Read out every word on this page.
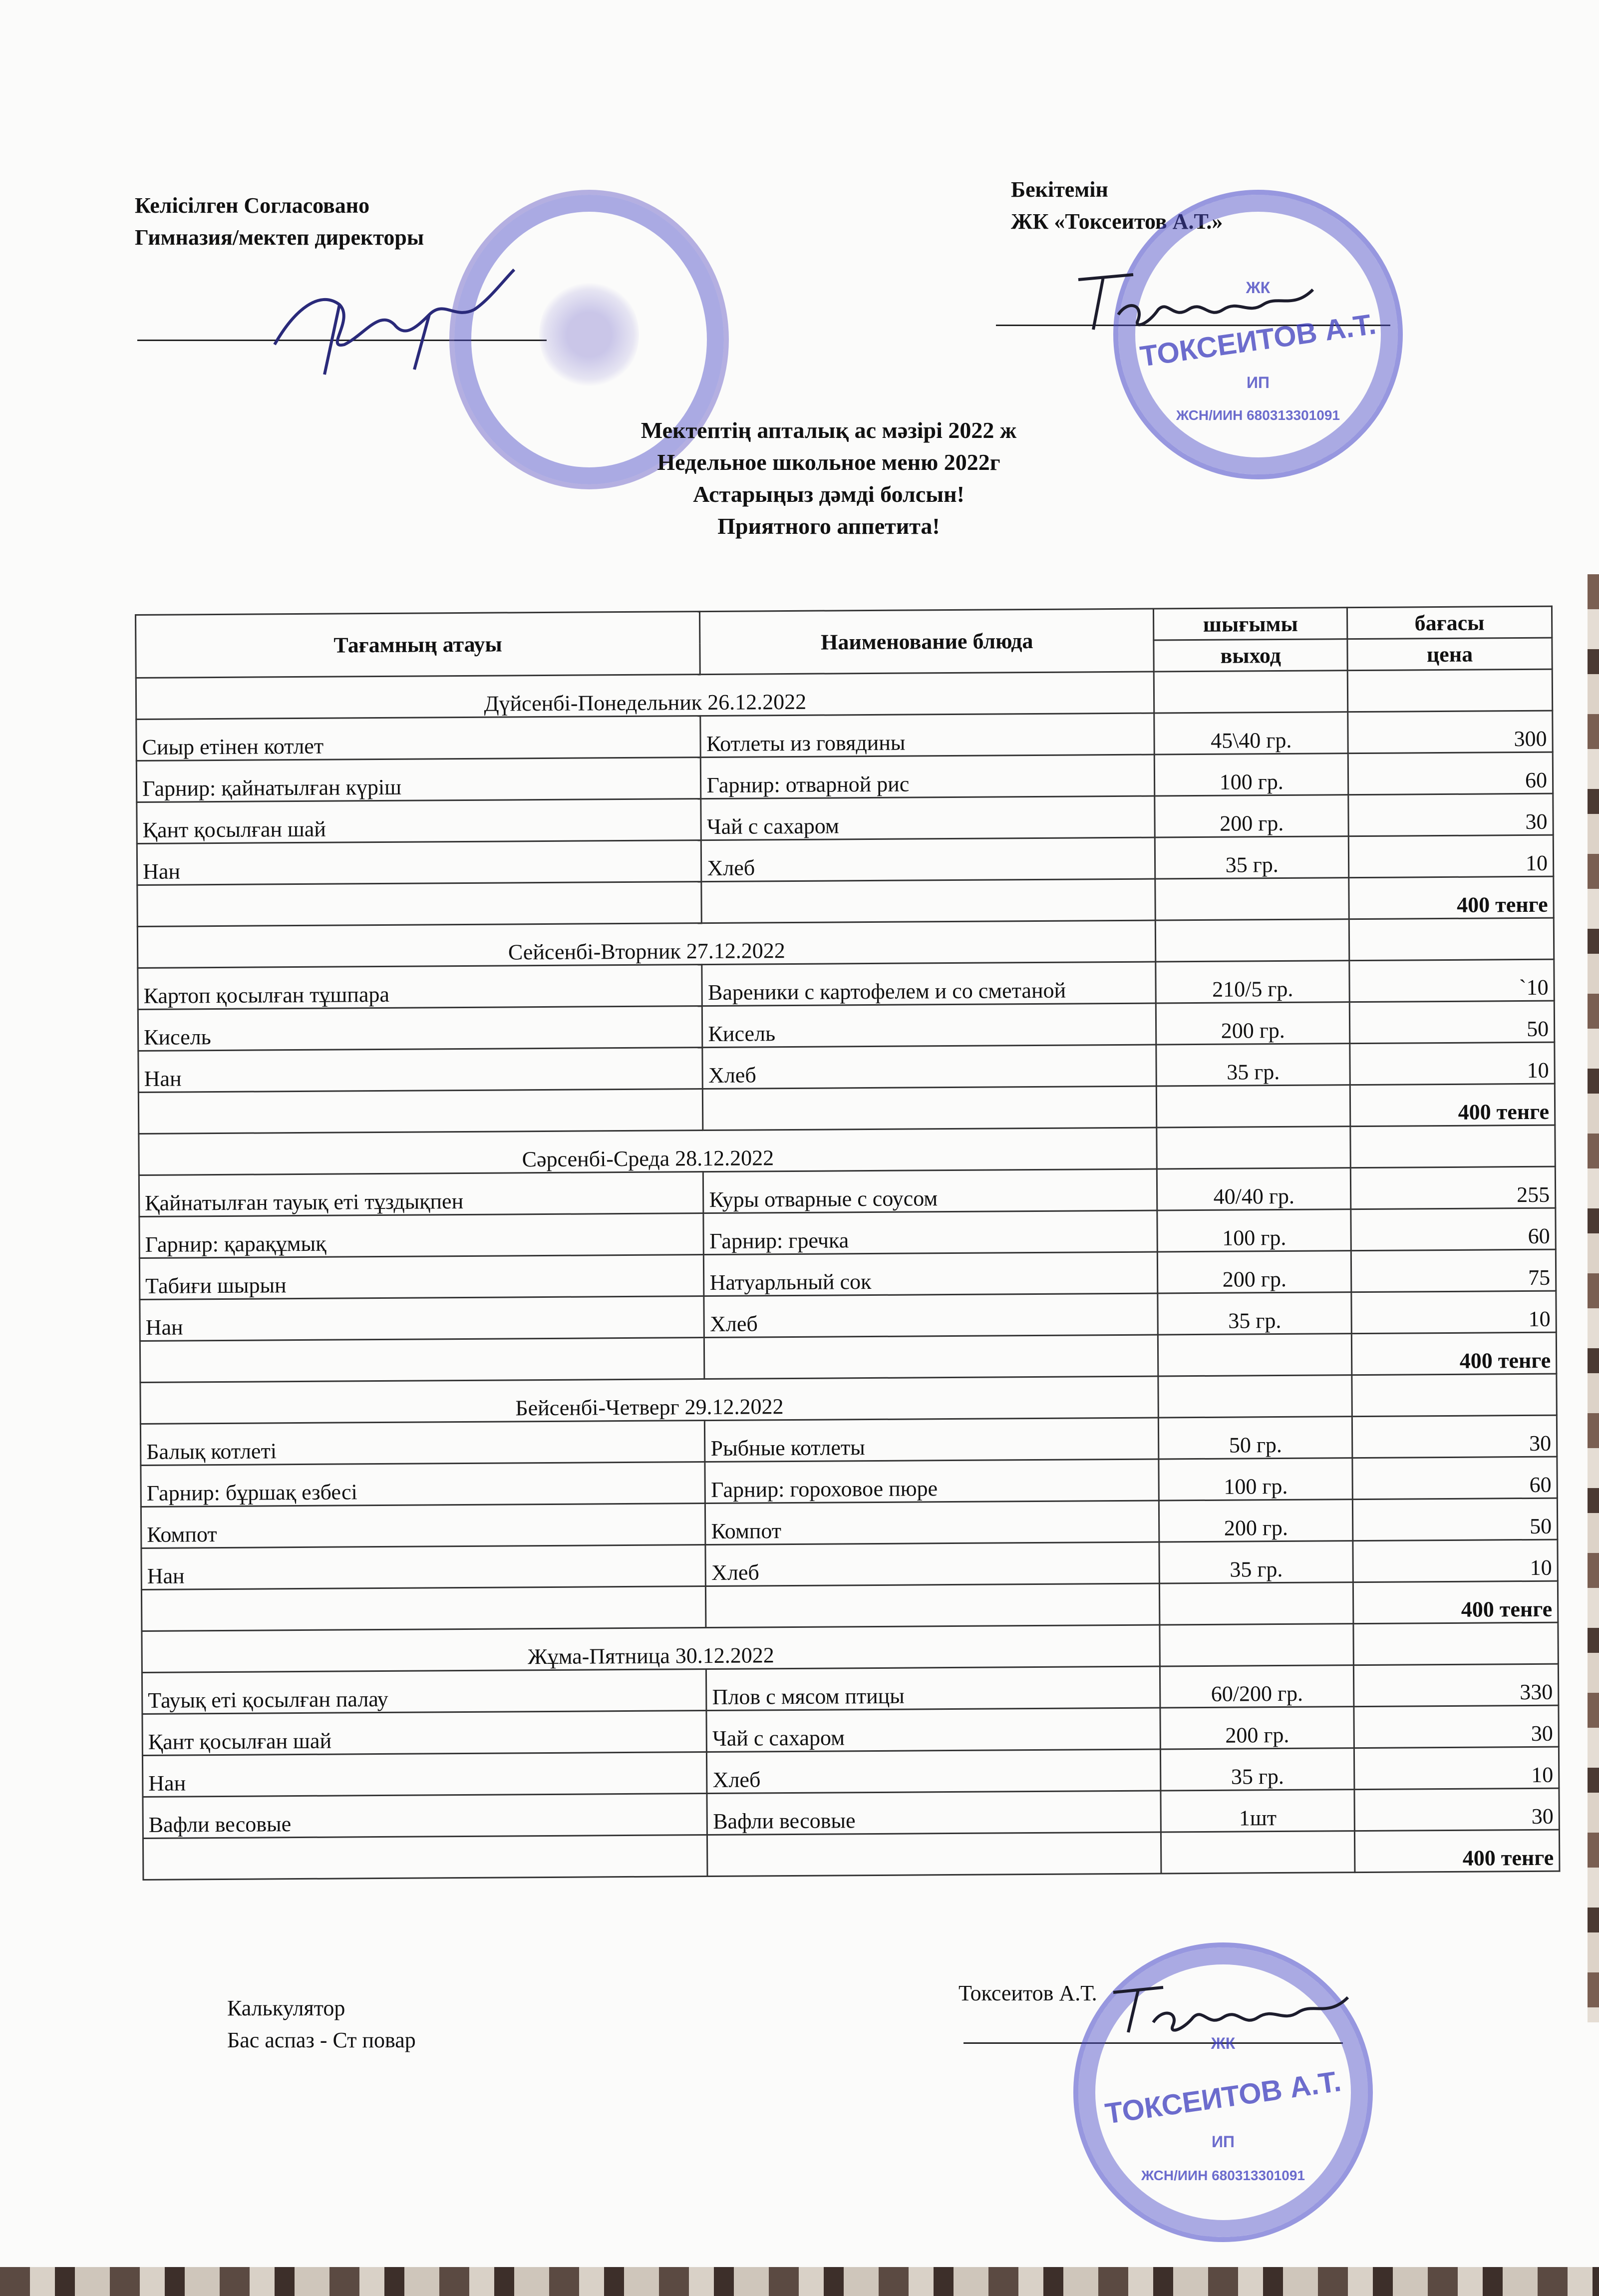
Келісілген Согласовано
Гимназия/мектеп директоры
Бекітемін
ЖК «Токсеитов А.Т.»
ЖК
ТОКСЕИТОВ А.Т.
ИП
ЖСН/ИИН 680313301091
Мектептің апталық ас мәзірі 2022 ж
Недельное школьное меню 2022г
Астарыңыз дәмді болсын!
Приятного аппетита!
Тағамның атауы	Наименование блюда	шығымы	бағасы
		выход	цена
Дүйсенбі-Понедельник 26.12.2022			
Сиыр етінен котлет	Котлеты из говядины	45\40 гр.	300
Гарнир: қайнатылған күріш	Гарнир: отварной рис	100 гр.	60
Қант қосылған шай	Чай с сахаром	200 гр.	30
Нан	Хлеб	35 гр.	10
			400 тенге
Сейсенбі-Вторник 27.12.2022			
Картоп қосылған тұшпара	Вареники с картофелем и со сметаной	210/5 гр.	`10
Кисель	Кисель	200 гр.	50
Нан	Хлеб	35 гр.	10
			400 тенге
Сәрсенбі-Среда 28.12.2022			
Қайнатылған тауық еті тұздықпен	Куры отварные с соусом	40/40 гр.	255
Гарнир: қарақұмық	Гарнир: гречка	100 гр.	60
Табиғи шырын	Натуарльный сок	200 гр.	75
Нан	Хлеб	35 гр.	10
			400 тенге
Бейсенбі-Четверг 29.12.2022			
Балық котлеті	Рыбные котлеты	50 гр.	30
Гарнир: бұршақ езбесі	Гарнир: гороховое пюре	100 гр.	60
Компот	Компот	200 гр.	50
Нан	Хлеб	35 гр.	10
			400 тенге
Жұма-Пятница 30.12.2022			
Тауық еті қосылған палау	Плов с мясом птицы	60/200 гр.	330
Қант қосылған шай	Чай с сахаром	200 гр.	30
Нан	Хлеб	35 гр.	10
Вафли весовые	Вафли весовые	1шт	30
			400 тенге
Калькулятор
Бас аспаз - Ст повар
Токсеитов А.Т.
ЖК
ТОКСЕИТОВ А.Т.
ИП
ЖСН/ИИН 680313301091
